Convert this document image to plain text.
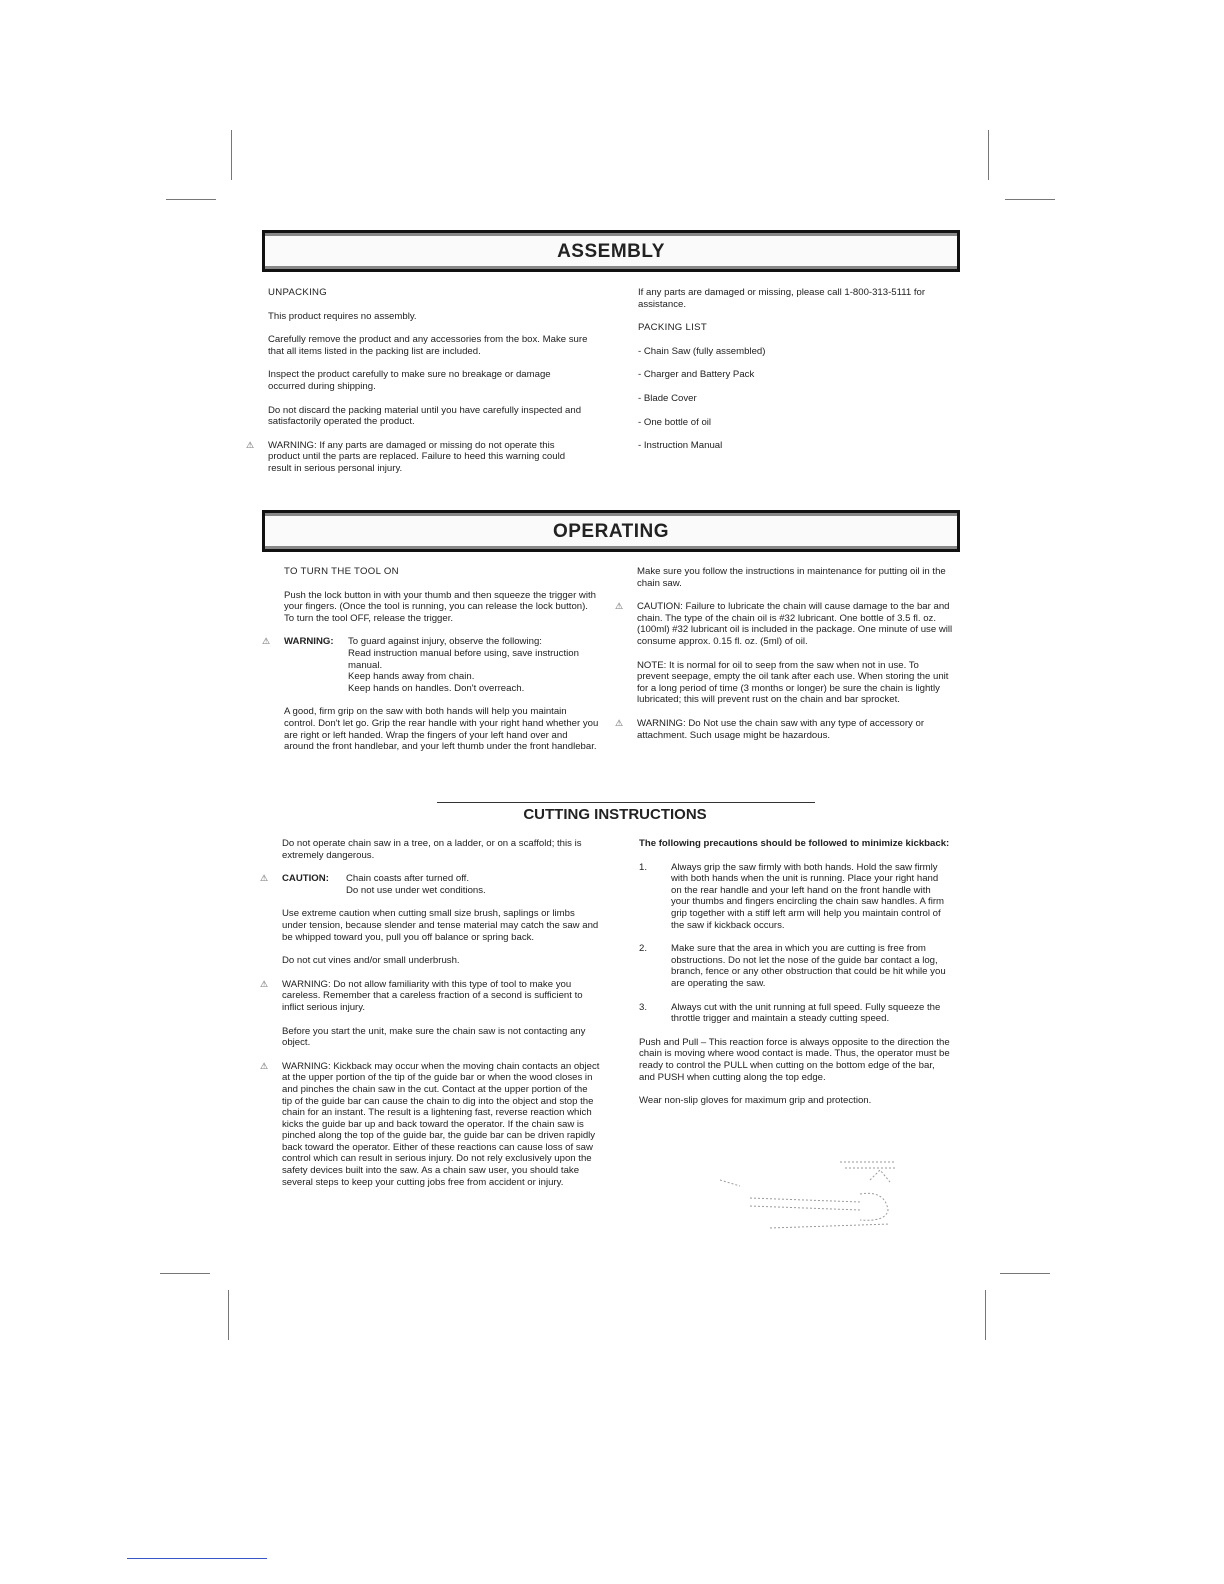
ASSEMBLY

UNPACKING

This product requires no assembly.

Carefully remove the product and any accessories from the box. Make sure that all items listed in the packing list are included.

Inspect the product carefully to make sure no breakage or damage occurred during shipping.

Do not discard the packing material until you have carefully inspected and satisfactorily operated the product.

⚠ WARNING: If any parts are damaged or missing do not operate this product until the parts are replaced. Failure to heed this warning could result in serious personal injury.

If any parts are damaged or missing, please call 1-800-313-5111 for assistance.

PACKING LIST

- Chain Saw (fully assembled)

- Charger and Battery Pack

- Blade Cover

- One bottle of oil

- Instruction Manual

OPERATING

TO TURN THE TOOL ON

Push the lock button in with your thumb and then squeeze the trigger with your fingers. (Once the tool is running, you can release the lock button). To turn the tool OFF, release the trigger.

⚠ WARNING: To guard against injury, observe the following:
Read instruction manual before using, save instruction manual.
Keep hands away from chain.
Keep hands on handles. Don't overreach.

A good, firm grip on the saw with both hands will help you maintain control. Don't let go. Grip the rear handle with your right hand whether you are right or left handed. Wrap the fingers of your left hand over and around the front handlebar, and your left thumb under the front handlebar.

Make sure you follow the instructions in maintenance for putting oil in the chain saw.

⚠ CAUTION: Failure to lubricate the chain will cause damage to the bar and chain. The type of the chain oil is #32 lubricant. One bottle of 3.5 fl. oz. (100ml) #32 lubricant oil is included in the package. One minute of use will consume approx. 0.15 fl. oz. (5ml) of oil.

NOTE: It is normal for oil to seep from the saw when not in use. To prevent seepage, empty the oil tank after each use. When storing the unit for a long period of time (3 months or longer) be sure the chain is lightly lubricated; this will prevent rust on the chain and bar sprocket.

⚠ WARNING: Do Not use the chain saw with any type of accessory or attachment. Such usage might be hazardous.

CUTTING INSTRUCTIONS

Do not operate chain saw in a tree, on a ladder, or on a scaffold; this is extremely dangerous.

⚠ CAUTION: Chain coasts after turned off.
Do not use under wet conditions.

Use extreme caution when cutting small size brush, saplings or limbs under tension, because slender and tense material may catch the saw and be whipped toward you, pull you off balance or spring back.

Do not cut vines and/or small underbrush.

⚠ WARNING: Do not allow familiarity with this type of tool to make you careless. Remember that a careless fraction of a second is sufficient to inflict serious injury.

Before you start the unit, make sure the chain saw is not contacting any object.

⚠ WARNING: Kickback may occur when the moving chain contacts an object at the upper portion of the tip of the guide bar or when the wood closes in and pinches the chain saw in the cut. Contact at the upper portion of the tip of the guide bar can cause the chain to dig into the object and stop the chain for an instant. The result is a lightening fast, reverse reaction which kicks the guide bar up and back toward the operator. If the chain saw is pinched along the top of the guide bar, the guide bar can be driven rapidly back toward the operator. Either of these reactions can cause loss of saw control which can result in serious injury. Do not rely exclusively upon the safety devices built into the saw. As a chain saw user, you should take several steps to keep your cutting jobs free from accident or injury.

The following precautions should be followed to minimize kickback:

1. Always grip the saw firmly with both hands. Hold the saw firmly with both hands when the unit is running. Place your right hand on the rear handle and your left hand on the front handle with your thumbs and fingers encircling the chain saw handles. A firm grip together with a stiff left arm will help you maintain control of the saw if kickback occurs.
2. Make sure that the area in which you are cutting is free from obstructions. Do not let the nose of the guide bar contact a log, branch, fence or any other obstruction that could be hit while you are operating the saw.
3. Always cut with the unit running at full speed. Fully squeeze the throttle trigger and maintain a steady cutting speed.

Push and Pull – This reaction force is always opposite to the direction the chain is moving where wood contact is made. Thus, the operator must be ready to control the PULL when cutting on the bottom edge of the bar, and PUSH when cutting along the top edge.

Wear non-slip gloves for maximum grip and protection.
